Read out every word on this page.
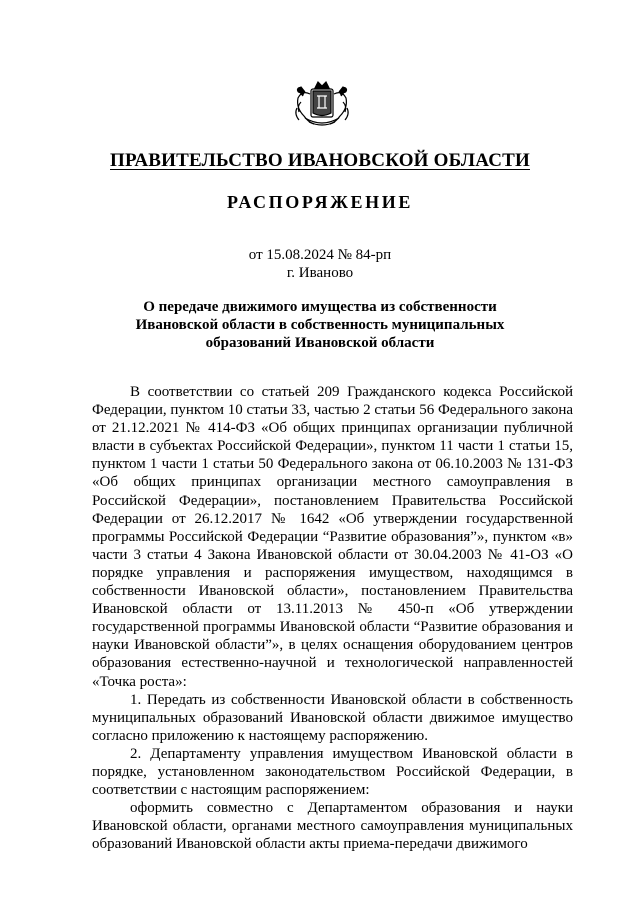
ПРАВИТЕЛЬСТВО ИВАНОВСКОЙ ОБЛАСТИ
РАСПОРЯЖЕНИЕ
от 15.08.2024 № 84-рп
г. Иваново
О передаче движимого имущества из собственности
Ивановской области в собственность муниципальных
образований Ивановской области

В соответствии со статьей 209 Гражданского кодекса Российской Федерации, пунктом 10 статьи 33, частью 2 статьи 56 Федерального закона от 21.12.2021 № 414-ФЗ «Об общих принципах организации публичной власти в субъектах Российской Федерации», пунктом 11 части 1 статьи 15, пунктом 1 части 1 статьи 50 Федерального закона от 06.10.2003 № 131-ФЗ «Об общих принципах организации местного самоуправления в Российской Федерации», постановлением Правительства Российской Федерации от 26.12.2017 № 1642 «Об утверждении государственной программы Российской Федерации “Развитие образования”», пунктом «в» части 3 статьи 4 Закона Ивановской области от 30.04.2003 № 41-ОЗ «О порядке управления и распоряжения имуществом, находящимся в собственности Ивановской области», постановлением Правительства Ивановской области от 13.11.2013 № 450-п «Об утверждении государственной программы Ивановской области “Развитие образования и науки Ивановской области”», в целях оснащения оборудованием центров образования естественно-научной и технологической направленностей «Точка роста»:

1. Передать из собственности Ивановской области в собственность муниципальных образований Ивановской области движимое имущество согласно приложению к настоящему распоряжению.

2. Департаменту управления имуществом Ивановской области в порядке, установленном законодательством Российской Федерации, в соответствии с настоящим распоряжением:

оформить совместно с Департаментом образования и науки Ивановской области, органами местного самоуправления муниципальных образований Ивановской области акты приема-передачи движимого
